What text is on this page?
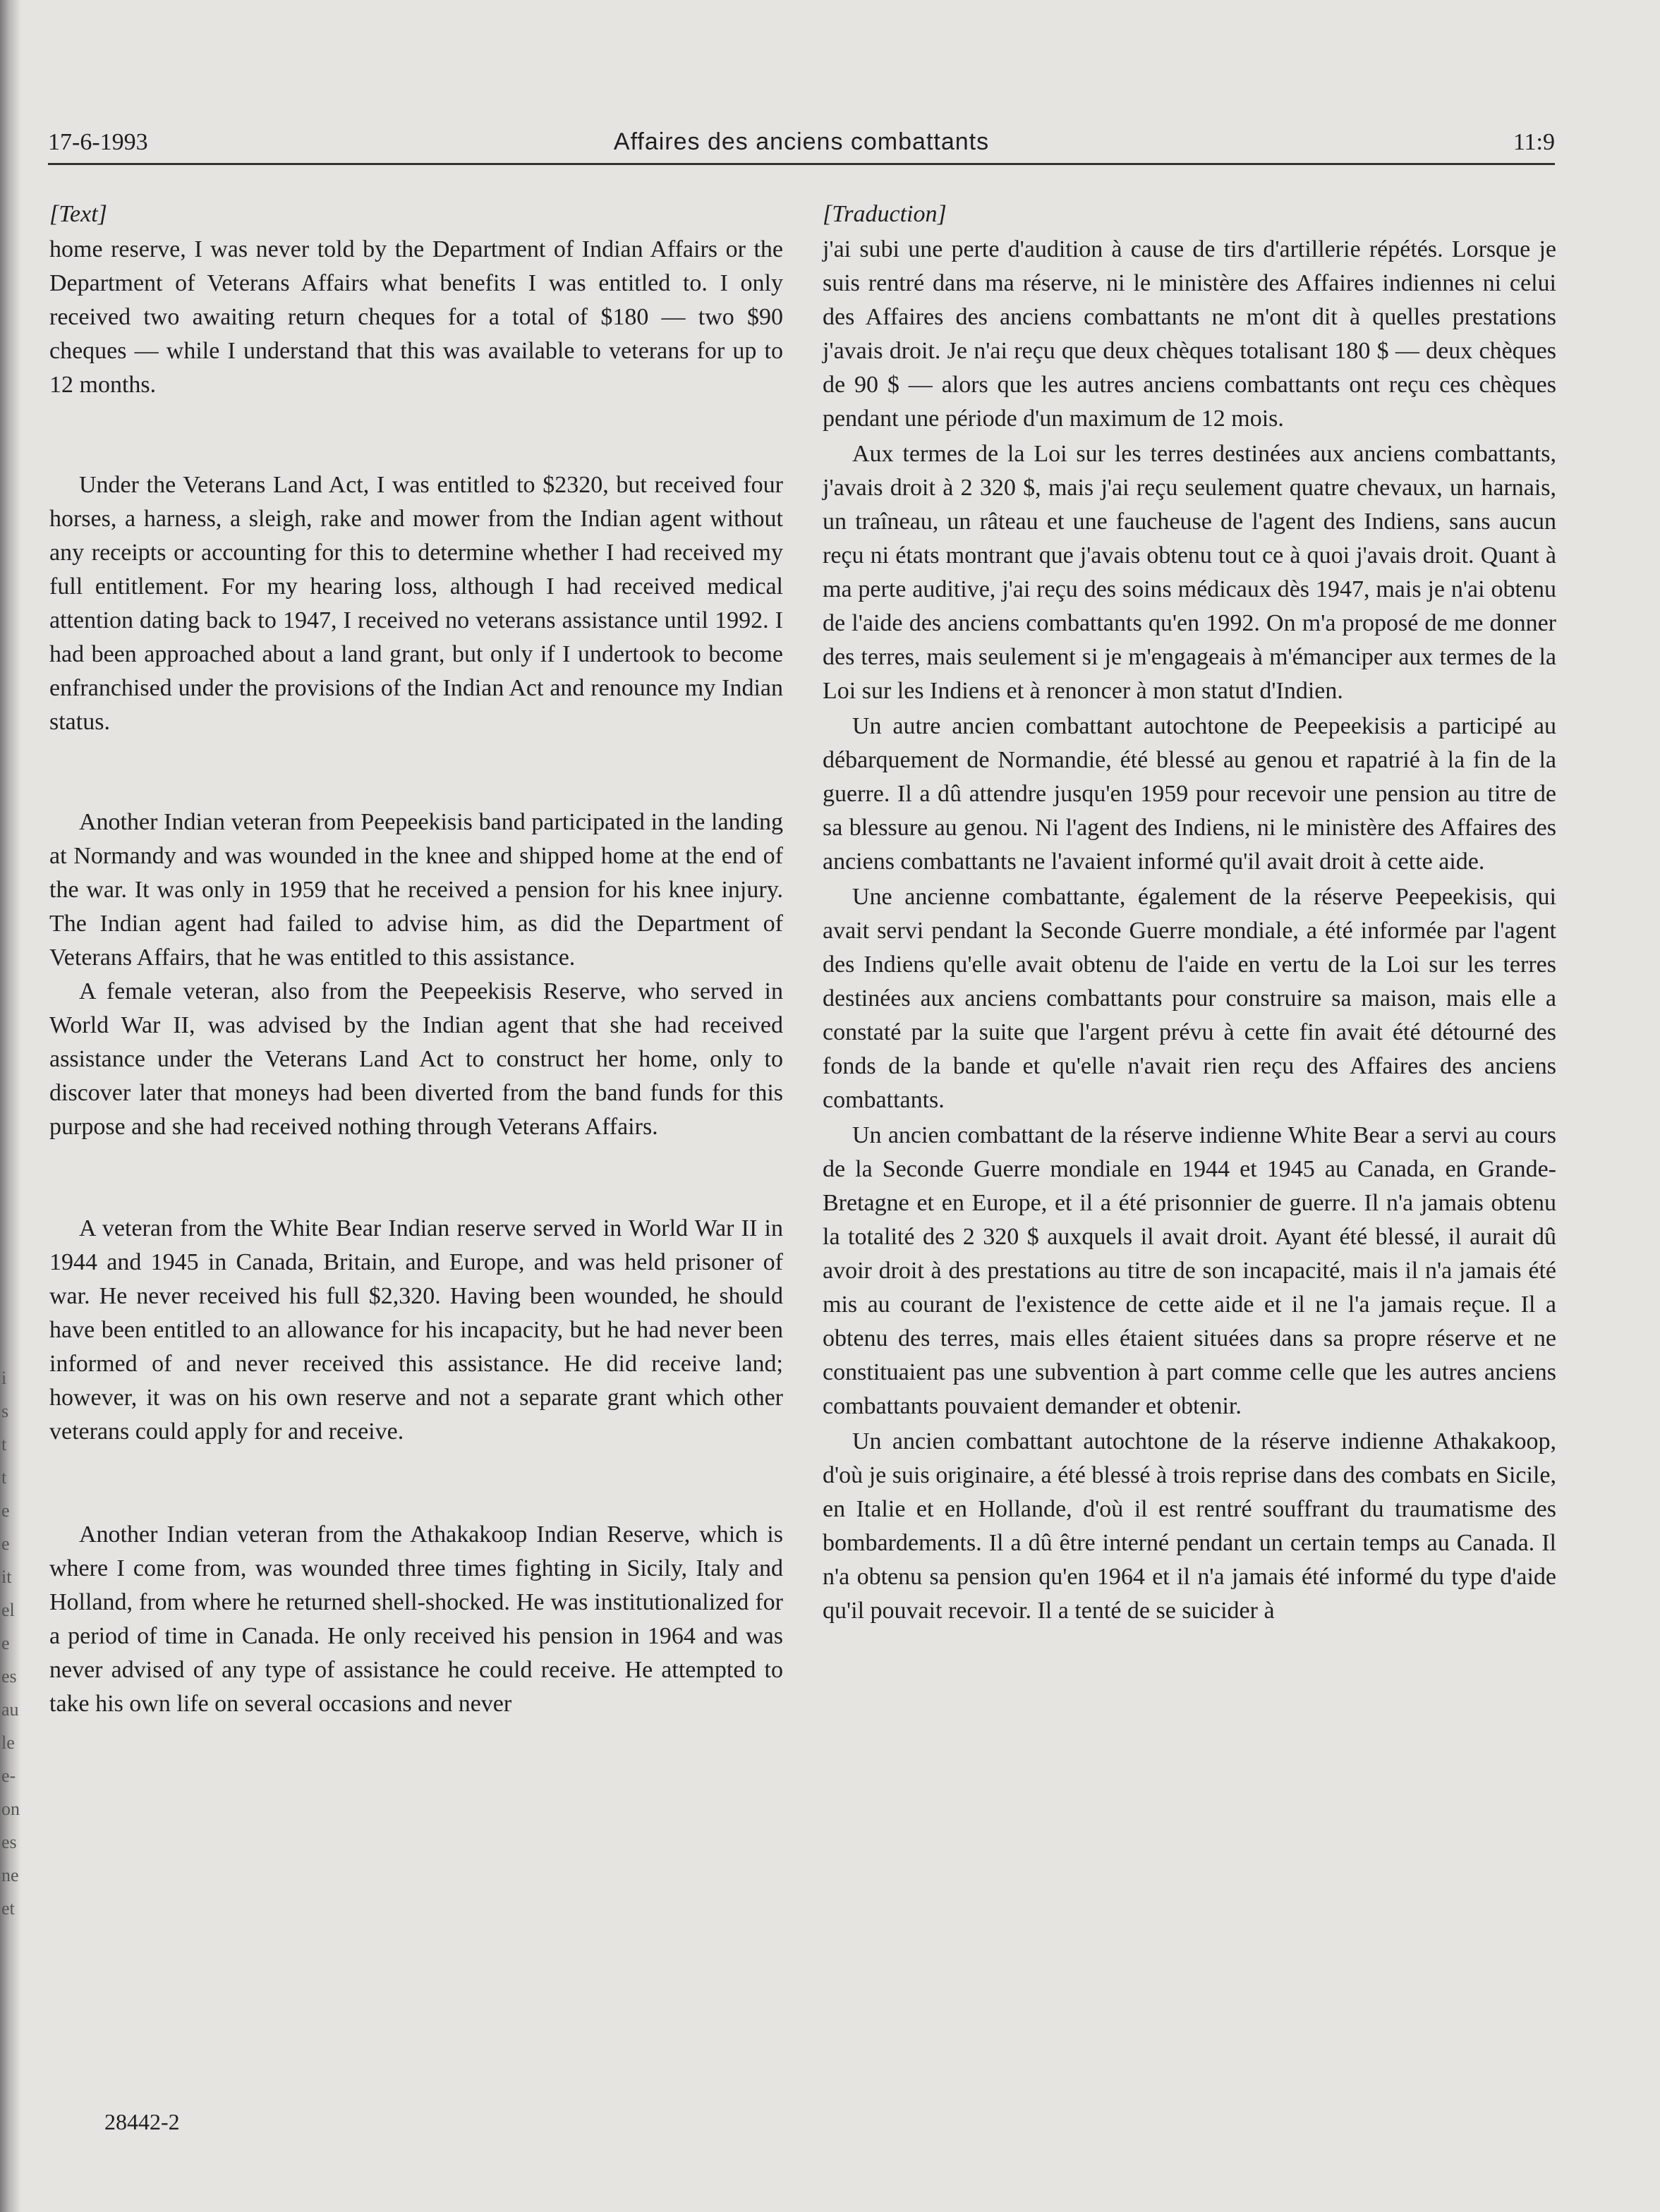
i
s
t
t
e
e
it
el
e
es
au
le
e-
on
es
ne
et
17-6-1993	Affaires des anciens combattants	11:9
[Text]

home reserve, I was never told by the Department of Indian Affairs or the Department of Veterans Affairs what benefits I was entitled to. I only received two awaiting return cheques for a total of $180 — two $90 cheques — while I understand that this was available to veterans for up to 12 months.

Under the Veterans Land Act, I was entitled to $2320, but received four horses, a harness, a sleigh, rake and mower from the Indian agent without any receipts or accounting for this to determine whether I had received my full entitlement. For my hearing loss, although I had received medical attention dating back to 1947, I received no veterans assistance until 1992. I had been approached about a land grant, but only if I undertook to become enfranchised under the provisions of the Indian Act and renounce my Indian status.

Another Indian veteran from Peepeekisis band participated in the landing at Normandy and was wounded in the knee and shipped home at the end of the war. It was only in 1959 that he received a pension for his knee injury. The Indian agent had failed to advise him, as did the Department of Veterans Affairs, that he was entitled to this assistance.

A female veteran, also from the Peepeekisis Reserve, who served in World War II, was advised by the Indian agent that she had received assistance under the Veterans Land Act to construct her home, only to discover later that moneys had been diverted from the band funds for this purpose and she had received nothing through Veterans Affairs.

A veteran from the White Bear Indian reserve served in World War II in 1944 and 1945 in Canada, Britain, and Europe, and was held prisoner of war. He never received his full $2,320. Having been wounded, he should have been entitled to an allowance for his incapacity, but he had never been informed of and never received this assistance. He did receive land; however, it was on his own reserve and not a separate grant which other veterans could apply for and receive.

Another Indian veteran from the Athakakoop Indian Reserve, which is where I come from, was wounded three times fighting in Sicily, Italy and Holland, from where he returned shell-shocked. He was institutionalized for a period of time in Canada. He only received his pension in 1964 and was never advised of any type of assistance he could receive. He attempted to take his own life on several occasions and never

[Traduction]

j'ai subi une perte d'audition à cause de tirs d'artillerie répétés. Lorsque je suis rentré dans ma réserve, ni le ministère des Affaires indiennes ni celui des Affaires des anciens combattants ne m'ont dit à quelles prestations j'avais droit. Je n'ai reçu que deux chèques totalisant 180 $ — deux chèques de 90 $ — alors que les autres anciens combattants ont reçu ces chèques pendant une période d'un maximum de 12 mois.

Aux termes de la Loi sur les terres destinées aux anciens combattants, j'avais droit à 2 320 $, mais j'ai reçu seulement quatre chevaux, un harnais, un traîneau, un râteau et une faucheuse de l'agent des Indiens, sans aucun reçu ni états montrant que j'avais obtenu tout ce à quoi j'avais droit. Quant à ma perte auditive, j'ai reçu des soins médicaux dès 1947, mais je n'ai obtenu de l'aide des anciens combattants qu'en 1992. On m'a proposé de me donner des terres, mais seulement si je m'engageais à m'émanciper aux termes de la Loi sur les Indiens et à renoncer à mon statut d'Indien.

Un autre ancien combattant autochtone de Peepeekisis a participé au débarquement de Normandie, été blessé au genou et rapatrié à la fin de la guerre. Il a dû attendre jusqu'en 1959 pour recevoir une pension au titre de sa blessure au genou. Ni l'agent des Indiens, ni le ministère des Affaires des anciens combattants ne l'avaient informé qu'il avait droit à cette aide.

Une ancienne combattante, également de la réserve Peepeekisis, qui avait servi pendant la Seconde Guerre mondiale, a été informée par l'agent des Indiens qu'elle avait obtenu de l'aide en vertu de la Loi sur les terres destinées aux anciens combattants pour construire sa maison, mais elle a constaté par la suite que l'argent prévu à cette fin avait été détourné des fonds de la bande et qu'elle n'avait rien reçu des Affaires des anciens combattants.

Un ancien combattant de la réserve indienne White Bear a servi au cours de la Seconde Guerre mondiale en 1944 et 1945 au Canada, en Grande-Bretagne et en Europe, et il a été prisonnier de guerre. Il n'a jamais obtenu la totalité des 2 320 $ auxquels il avait droit. Ayant été blessé, il aurait dû avoir droit à des prestations au titre de son incapacité, mais il n'a jamais été mis au courant de l'existence de cette aide et il ne l'a jamais reçue. Il a obtenu des terres, mais elles étaient situées dans sa propre réserve et ne constituaient pas une subvention à part comme celle que les autres anciens combattants pouvaient demander et obtenir.

Un ancien combattant autochtone de la réserve indienne Athakakoop, d'où je suis originaire, a été blessé à trois reprise dans des combats en Sicile, en Italie et en Hollande, d'où il est rentré souffrant du traumatisme des bombardements. Il a dû être interné pendant un certain temps au Canada. Il n'a obtenu sa pension qu'en 1964 et il n'a jamais été informé du type d'aide qu'il pouvait recevoir. Il a tenté de se suicider à

28442-2
